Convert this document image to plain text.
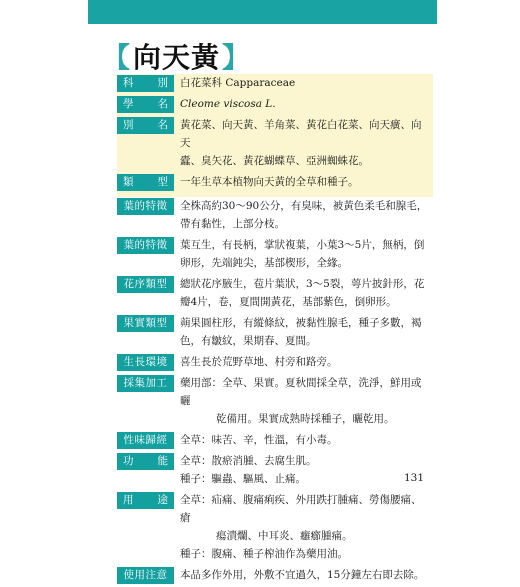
【向天黃】
科 別 白花菜科 Capparaceae
學 名 Cleome viscosa L.
別 名 黃花菜、向天黃、羊角菜、黃花白花菜、向天癀、向天
蠹、臭矢花、黃花蝴蝶草、亞洲蜘蛛花。
類 型 一年生草本植物向天黃的全草和種子。
葉的特徵 全株高約30～90公分，有臭味，被黃色柔毛和腺毛，
帶有黏性，上部分枝。
葉的特徵 葉互生，有長柄，掌狀複葉，小葉3～5片，無柄，倒
卵形，先端鈍尖，基部楔形，全緣。
花序類型 總狀花序腋生，苞片葉狀，3～5裂，萼片披針形，花
瓣4片，卷，夏間開黃花，基部紫色，倒卵形。
果實類型 蒴果圓柱形，有縱條紋，被黏性腺毛，種子多數，褐
色，有皺紋，果期春、夏間。
生長環境 喜生長於荒野草地、村旁和路旁。
採集加工 藥用部：全草、果實。夏秋間採全草，洗淨，鮮用或曬
乾備用。果實成熟時採種子，曬乾用。
性味歸經 全草：味苦、辛，性溫，有小毒。
功 能 全草：散瘀消腫、去腐生肌。
種子：驅蟲、驅風、止痛。
用 途 全草：疝痛、腹痛痢疾、外用跌打腫痛、勞傷腰痛、瘡
瘍潰爛、中耳炎、癰癤腫痛。
種子：腹痛、種子榨油作為藥用油。
使用注意 本品多作外用，外敷不宜過久，15分鐘左右即去除。
131
